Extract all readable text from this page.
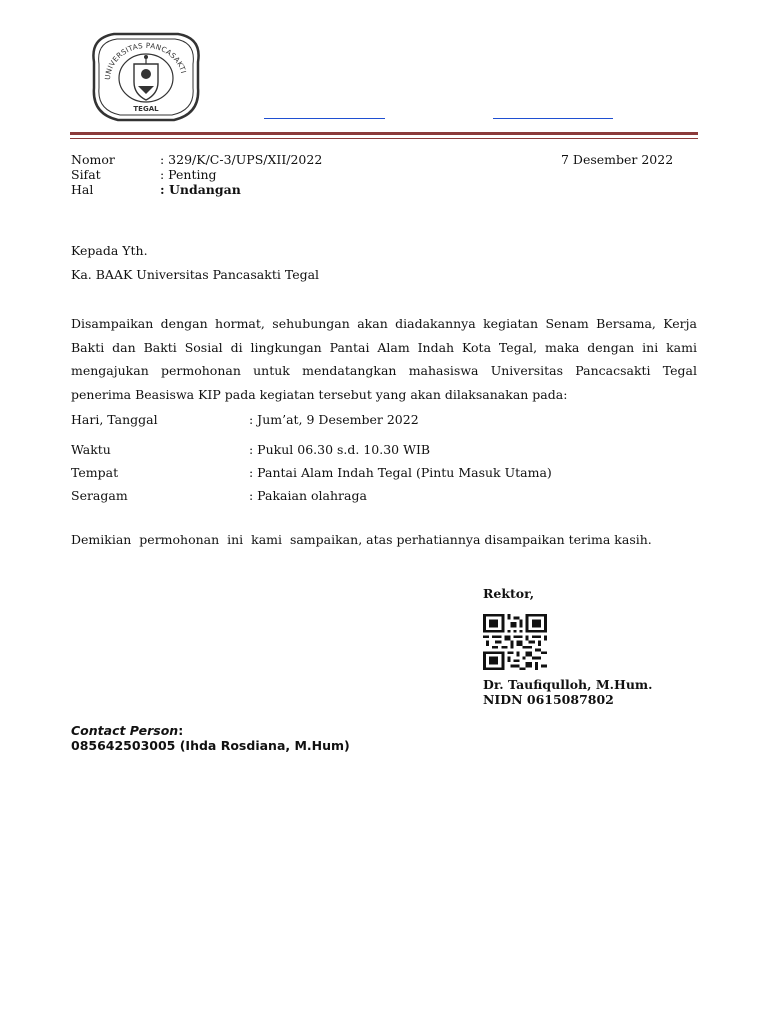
UNIVERSITAS PANCASAKTI
TEGAL
Nomor	: 329/K/C-3/UPS/XII/2022	7 Desember 2022
Sifat	: Penting
Hal	: Undangan
Kepada Yth.
Ka. BAAK Universitas Pancasakti Tegal
Disampaikan dengan hormat, sehubungan akan diadakannya kegiatan Senam Bersama, Kerja Bakti dan Bakti Sosial di lingkungan Pantai Alam Indah Kota Tegal, maka dengan ini kami mengajukan permohonan untuk mendatangkan mahasiswa Universitas Pancacsakti Tegal penerima Beasiswa KIP pada kegiatan tersebut yang akan dilaksanakan pada:
Hari, Tanggal	: Jum’at, 9 Desember 2022
Waktu	: Pukul 06.30 s.d. 10.30 WIB
Tempat	: Pantai Alam Indah Tegal (Pintu Masuk Utama)
Seragam	: Pakaian olahraga
Demikian  permohonan  ini  kami  sampaikan, atas perhatiannya disampaikan terima kasih.
Rektor,
Dr. Taufiqulloh, M.Hum.
NIDN 0615087802
Contact Person:
085642503005 (Ihda Rosdiana, M.Hum)
